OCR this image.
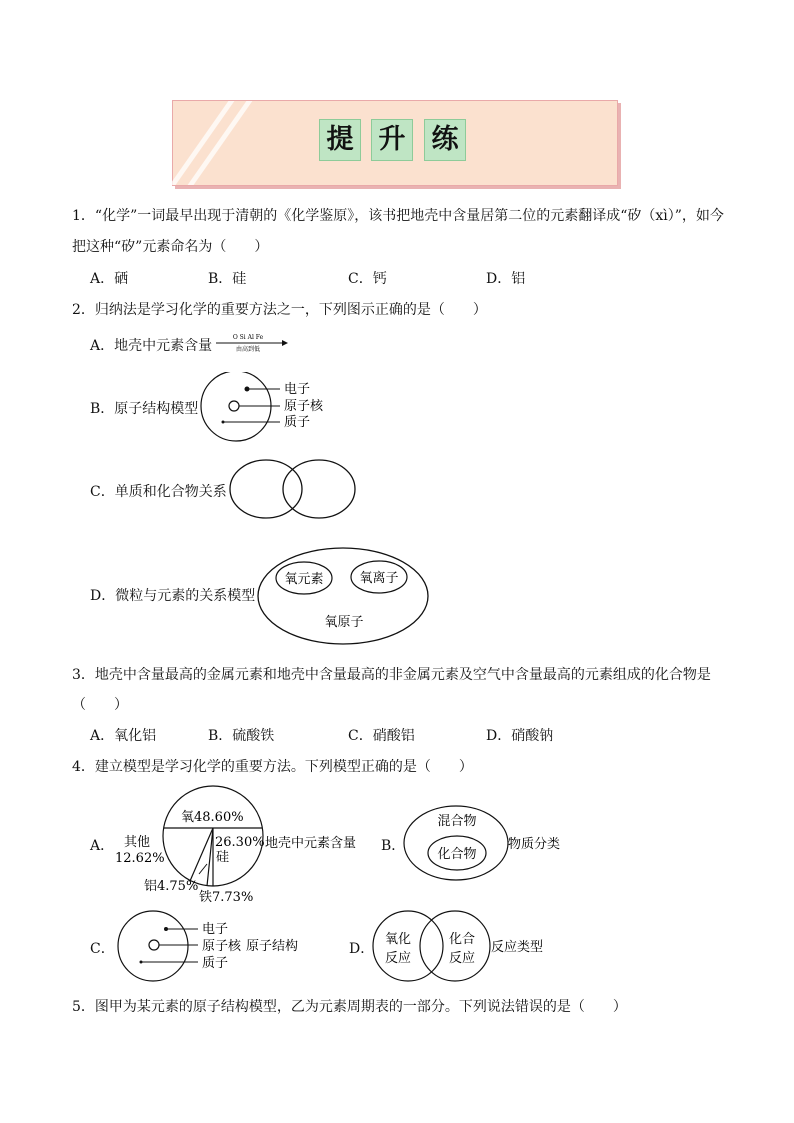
提 升 练
1．“化学”一词最早出现于清朝的《化学鉴原》，该书把地壳中含量居第二位的元素翻译成“矽（xì）”，如今
把这种“矽”元素命名为（　　）
A．硒	B．硅	C．钙	D．铝
2．归纳法是学习化学的重要方法之一，下列图示正确的是（　　）
A．地壳中元素含量
O Si Al Fe
由高到低
B．原子结构模型
电子
原子核
质子
C．单质和化合物关系
D．微粒与元素的关系模型
氧元素	氧离子
氧原子
3．地壳中含量最高的金属元素和地壳中含量最高的非金属元素及空气中含量最高的元素组成的化合物是
（　　）
A．氧化铝	B．硫酸铁	C．硝酸铝	D．硝酸钠
4．建立模型是学习化学的重要方法。下列模型正确的是（　　）
A．
氧48.60%
26.30%
硅
其他
12.62%
铝4.75%
铁7.73%
地壳中元素含量 B．
混合物
化合物
物质分类
C．
电子
原子核
质子
原子结构	D．
氧化
反应
化合
反应
反应类型
5．图甲为某元素的原子结构模型，乙为元素周期表的一部分。下列说法错误的是（　　）
